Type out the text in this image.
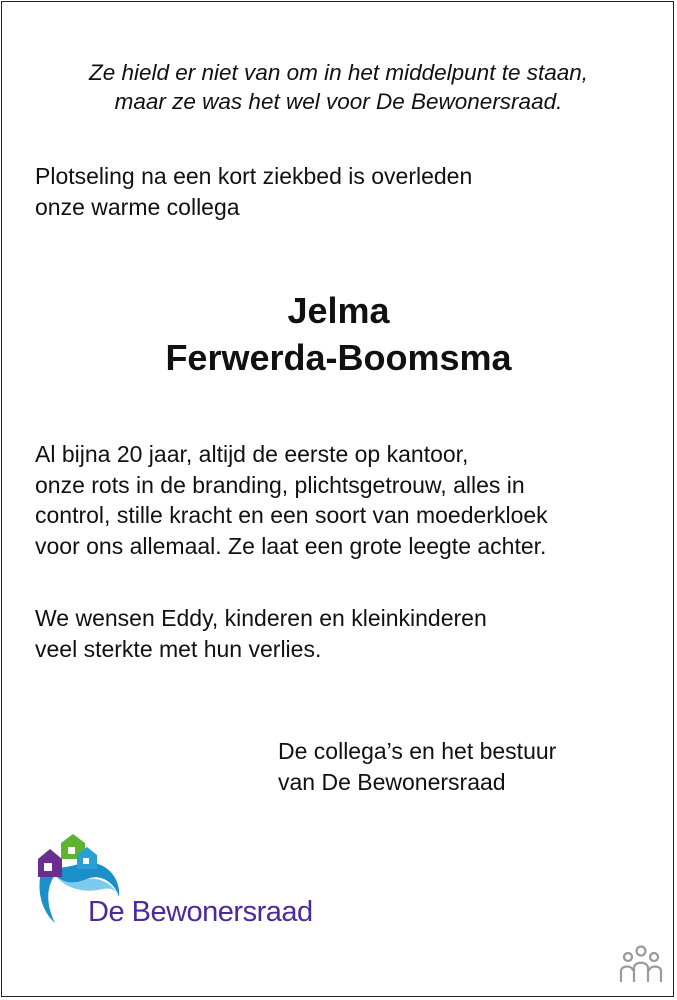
Ze hield er niet van om in het middelpunt te staan,
maar ze was het wel voor De Bewonersraad.
Plotseling na een kort ziekbed is overleden
onze warme collega
Jelma
Ferwerda-Boomsma
Al bijna 20 jaar, altijd de eerste op kantoor,
onze rots in de branding, plichtsgetrouw, alles in
control, stille kracht en een soort van moederkloek
voor ons allemaal. Ze laat een grote leegte achter.
We wensen Eddy, kinderen en kleinkinderen
veel sterkte met hun verlies.
De collega’s en het bestuur
van De Bewonersraad
De Bewonersraad
